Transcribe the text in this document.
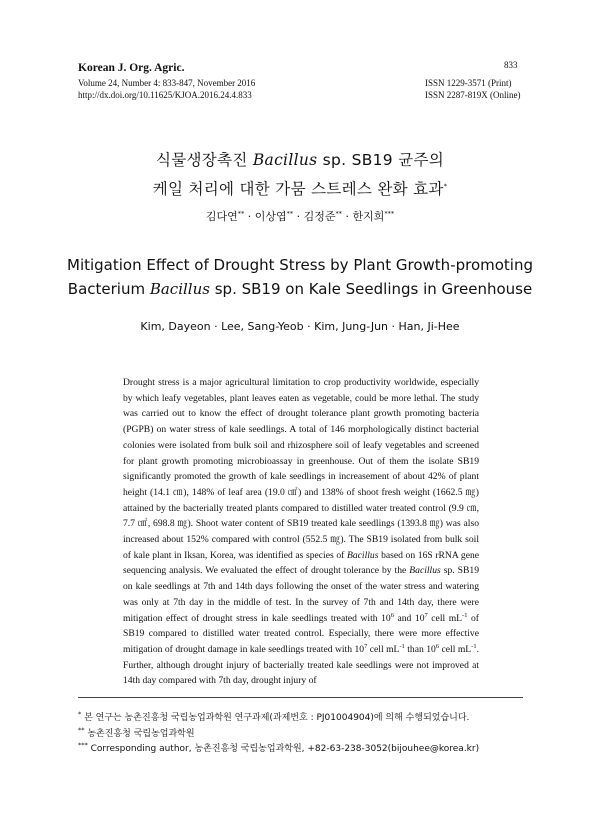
Korean J. Org. Agric.	833
Volume 24, Number 4: 833-847, November 2016
http://dx.doi.org/10.11625/KJOA.2016.24.4.833
ISSN 1229-3571 (Print)
ISSN 2287-819X (Online)
식물생장촉진 Bacillus sp. SB19 균주의
케일 처리에 대한 가뭄 스트레스 완화 효과*
김다연** · 이상엽** · 김정준** · 한지희***
Mitigation Effect of Drought Stress by Plant Growth-promoting
Bacterium Bacillus sp. SB19 on Kale Seedlings in Greenhouse
Kim, Dayeon · Lee, Sang-Yeob · Kim, Jung-Jun · Han, Ji-Hee
Drought stress is a major agricultural limitation to crop productivity worldwide, especially by which leafy vegetables, plant leaves eaten as vegetable, could be more lethal. The study was carried out to know the effect of drought tolerance plant growth promoting bacteria (PGPB) on water stress of kale seedlings. A total of 146 morphologically distinct bacterial colonies were isolated from bulk soil and rhizosphere soil of leafy vegetables and screened for plant growth promoting microbioassay in greenhouse. Out of them the isolate SB19 significantly promoted the growth of kale seedlings in increasement of about 42% of plant height (14.1 ㎝), 148% of leaf area (19.0 ㎠) and 138% of shoot fresh weight (1662.5 ㎎) attained by the bacterially treated plants compared to distilled water treated control (9.9 ㎝, 7.7 ㎠, 698.8 ㎎). Shoot water content of SB19 treated kale seedlings (1393.8 ㎎) was also increased about 152% compared with control (552.5 ㎎). The SB19 isolated from bulk soil of kale plant in Iksan, Korea, was identified as species of Bacillus based on 16S rRNA gene sequencing analysis. We evaluated the effect of drought tolerance by the Bacillus sp. SB19 on kale seedlings at 7th and 14th days following the onset of the water stress and watering was only at 7th day in the middle of test. In the survey of 7th and 14th day, there were mitigation effect of drought stress in kale seedlings treated with $10^6$ and $10^7$ cell $mL^{-1}$ of SB19 compared to distilled water treated control. Especially, there were more effective mitigation of drought damage in kale seedlings treated with $10^7$ cell $mL^{-1}$ than $10^6$ cell $mL^{-1}$. Further, although drought injury of bacterially treated kale seedlings were not improved at 14th day compared with 7th day, drought injury of
* 본 연구는 농촌진흥청 국립농업과학원 연구과제(과제번호 : PJ01004904)에 의해 수행되었습니다.
** 농촌진흥청 국립농업과학원
*** Corresponding author, 농촌진흥청 국립농업과학원, +82-63-238-3052(bijouhee@korea.kr)
